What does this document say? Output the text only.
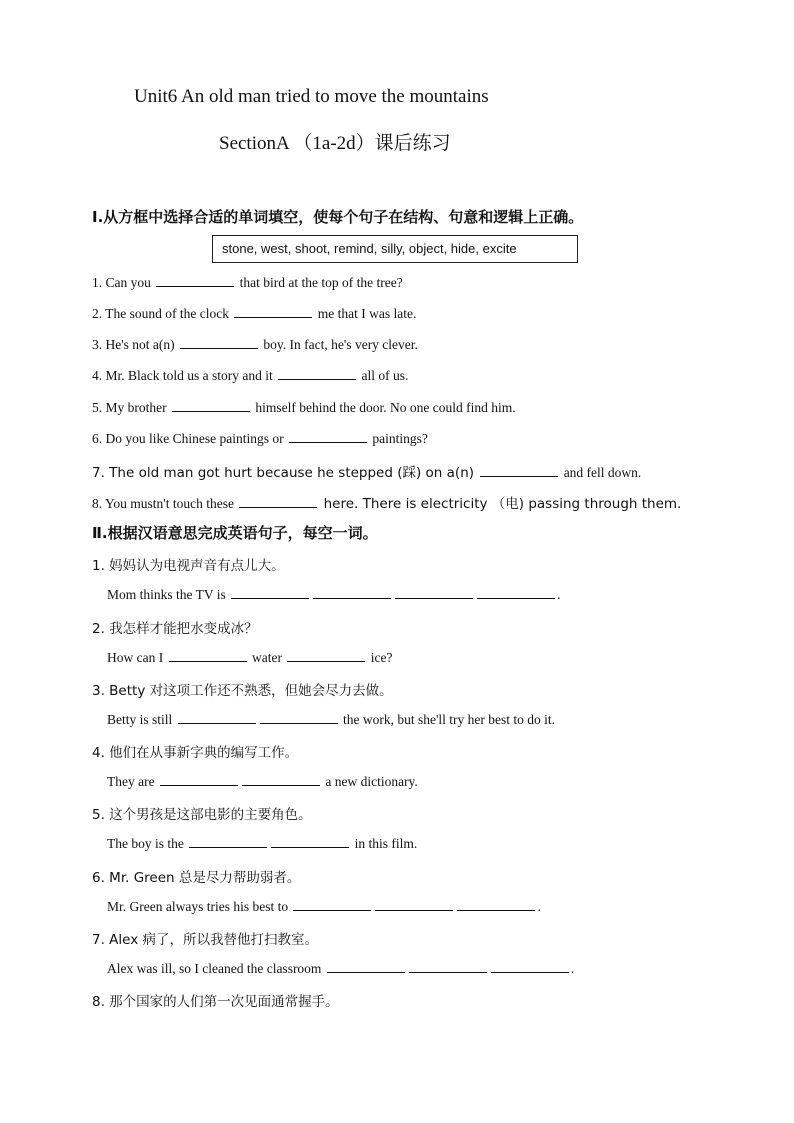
Unit6 An old man tried to move the mountains
SectionA （1a-2d）课后练习
Ⅰ.从方框中选择合适的单词填空，使每个句子在结构、句意和逻辑上正确。
stone, west, shoot, remind, silly, object, hide, excite
1. Can you	that bird at the top of the tree?
2. The sound of the clock	me that I was late.
3. He's not a(n)	boy. In fact, he's very clever.
4. Mr. Black told us a story and it	all of us.
5. My brother	himself behind the door. No one could find him.
6. Do you like Chinese paintings or	paintings?
7. The old man got hurt because he stepped (踩) on a(n)	and fell down.
8. You mustn't touch these	here. There is electricity （电) passing through them.
Ⅱ.根据汉语意思完成英语句子，每空一词。
1. 妈妈认为电视声音有点儿大。
Mom thinks the TV is	.
2. 我怎样才能把水变成冰？
How can I	water	ice?
3. Betty 对这项工作还不熟悉，但她会尽力去做。
Betty is still	the work, but she'll try her best to do it.
4. 他们在从事新字典的编写工作。
They are	a new dictionary.
5. 这个男孩是这部电影的主要角色。
The boy is the	in this film.
6. Mr. Green 总是尽力帮助弱者。
Mr. Green always tries his best to	.
7. Alex 病了，所以我替他打扫教室。
Alex was ill, so I cleaned the classroom	.
8. 那个国家的人们第一次见面通常握手。
